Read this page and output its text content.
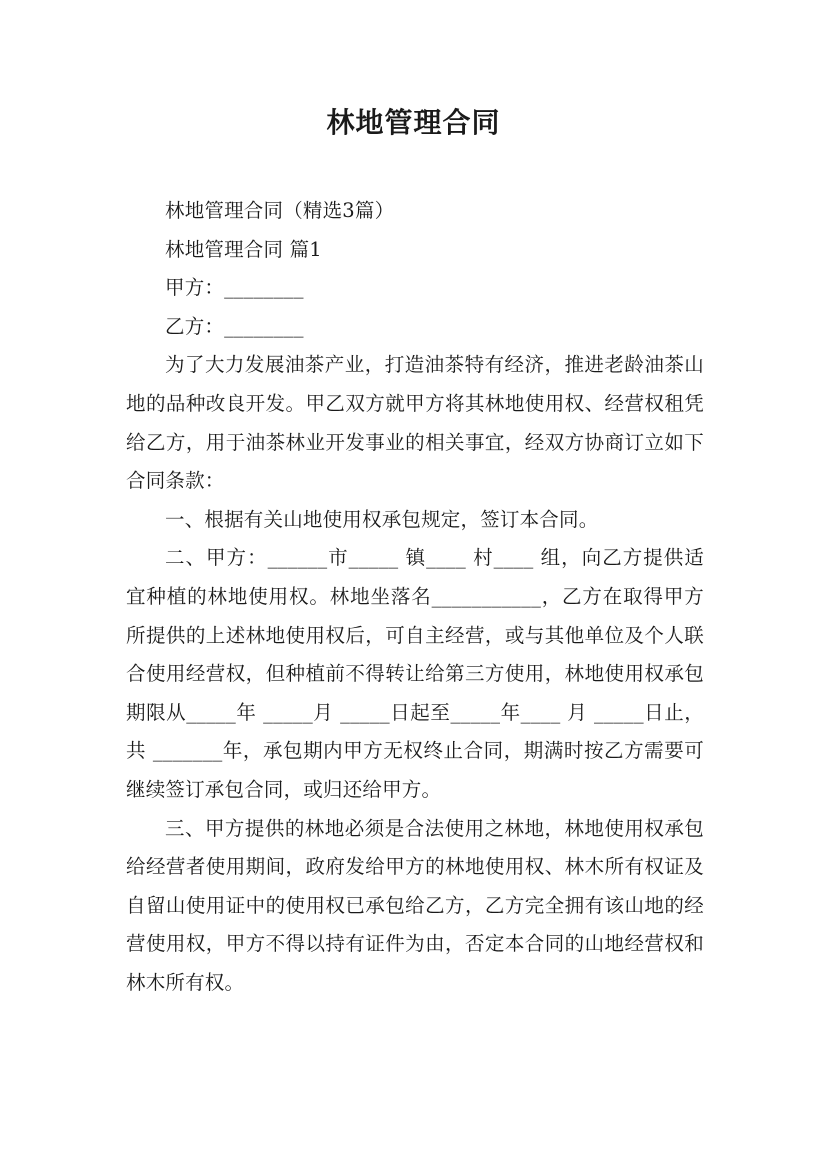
林地管理合同

林地管理合同（精选3篇）

林地管理合同 篇1

甲方：________

乙方：________

为了大力发展油茶产业，打造油茶特有经济，推进老龄油茶山地的品种改良开发。甲乙双方就甲方将其林地使用权、经营权租凭给乙方，用于油茶林业开发事业的相关事宜，经双方协商订立如下合同条款：

一、根据有关山地使用权承包规定，签订本合同。

二、甲方：______市_____ 镇____ 村____ 组，向乙方提供适宜种植的林地使用权。林地坐落名___________，乙方在取得甲方所提供的上述林地使用权后，可自主经营，或与其他单位及个人联合使用经营权，但种植前不得转让给第三方使用，林地使用权承包期限从_____年 _____月 _____日起至_____年____ 月 _____日止，共 _______年，承包期内甲方无权终止合同，期满时按乙方需要可继续签订承包合同，或归还给甲方。

三、甲方提供的林地必须是合法使用之林地，林地使用权承包给经营者使用期间，政府发给甲方的林地使用权、林木所有权证及自留山使用证中的使用权已承包给乙方，乙方完全拥有该山地的经营使用权，甲方不得以持有证件为由，否定本合同的山地经营权和林木所有权。
